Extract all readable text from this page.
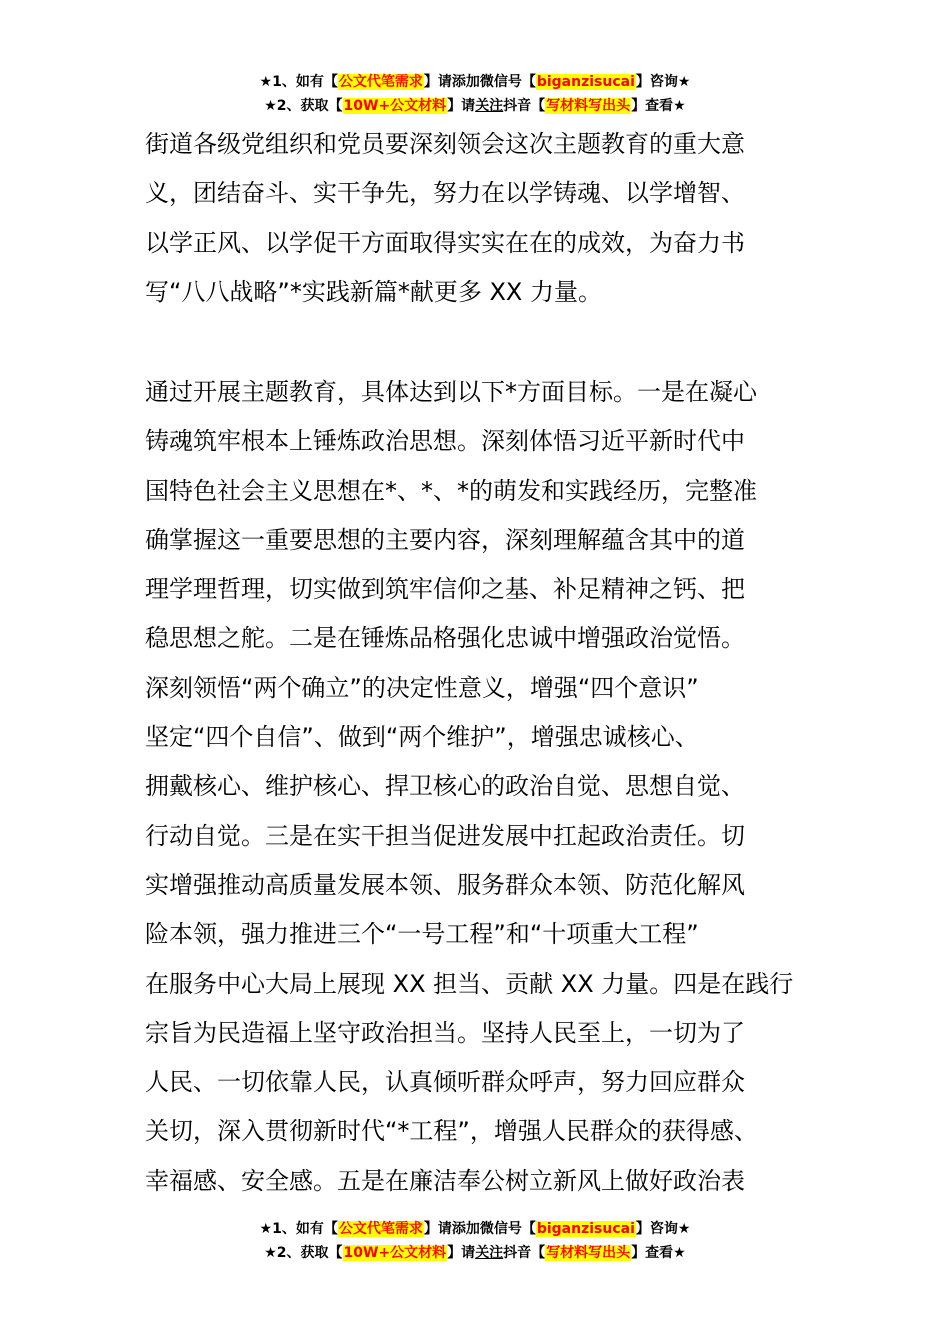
★1、如有【公文代笔需求】请添加微信号【biganzisucai】咨询★
★2、获取【10W+公文材料】请关注抖音【写材料写出头】查看★
街道各级党组织和党员要深刻领会这次主题教育的重大意
义，团结奋斗、实干争先，努力在以学铸魂、以学增智、
以学正风、以学促干方面取得实实在在的成效，为奋力书
写“八八战略”*实践新篇*献更多 XX 力量。
通过开展主题教育，具体达到以下*方面目标。一是在凝心
铸魂筑牢根本上锤炼政治思想。深刻体悟习近平新时代中
国特色社会主义思想在*、*、*的萌发和实践经历，完整准
确掌握这一重要思想的主要内容，深刻理解蕴含其中的道
理学理哲理，切实做到筑牢信仰之基、补足精神之钙、把
稳思想之舵。二是在锤炼品格强化忠诚中增强政治觉悟。
深刻领悟“两个确立”的决定性意义，增强“四个意识”
坚定“四个自信”、做到“两个维护”，增强忠诚核心、
拥戴核心、维护核心、捍卫核心的政治自觉、思想自觉、
行动自觉。三是在实干担当促进发展中扛起政治责任。切
实增强推动高质量发展本领、服务群众本领、防范化解风
险本领，强力推进三个“一号工程”和“十项重大工程”
在服务中心大局上展现 XX 担当、贡献 XX 力量。四是在践行
宗旨为民造福上坚守政治担当。坚持人民至上，一切为了
人民、一切依靠人民，认真倾听群众呼声，努力回应群众
关切，深入贯彻新时代“*工程”，增强人民群众的获得感、
幸福感、安全感。五是在廉洁奉公树立新风上做好政治表
★1、如有【公文代笔需求】请添加微信号【biganzisucai】咨询★
★2、获取【10W+公文材料】请关注抖音【写材料写出头】查看★
